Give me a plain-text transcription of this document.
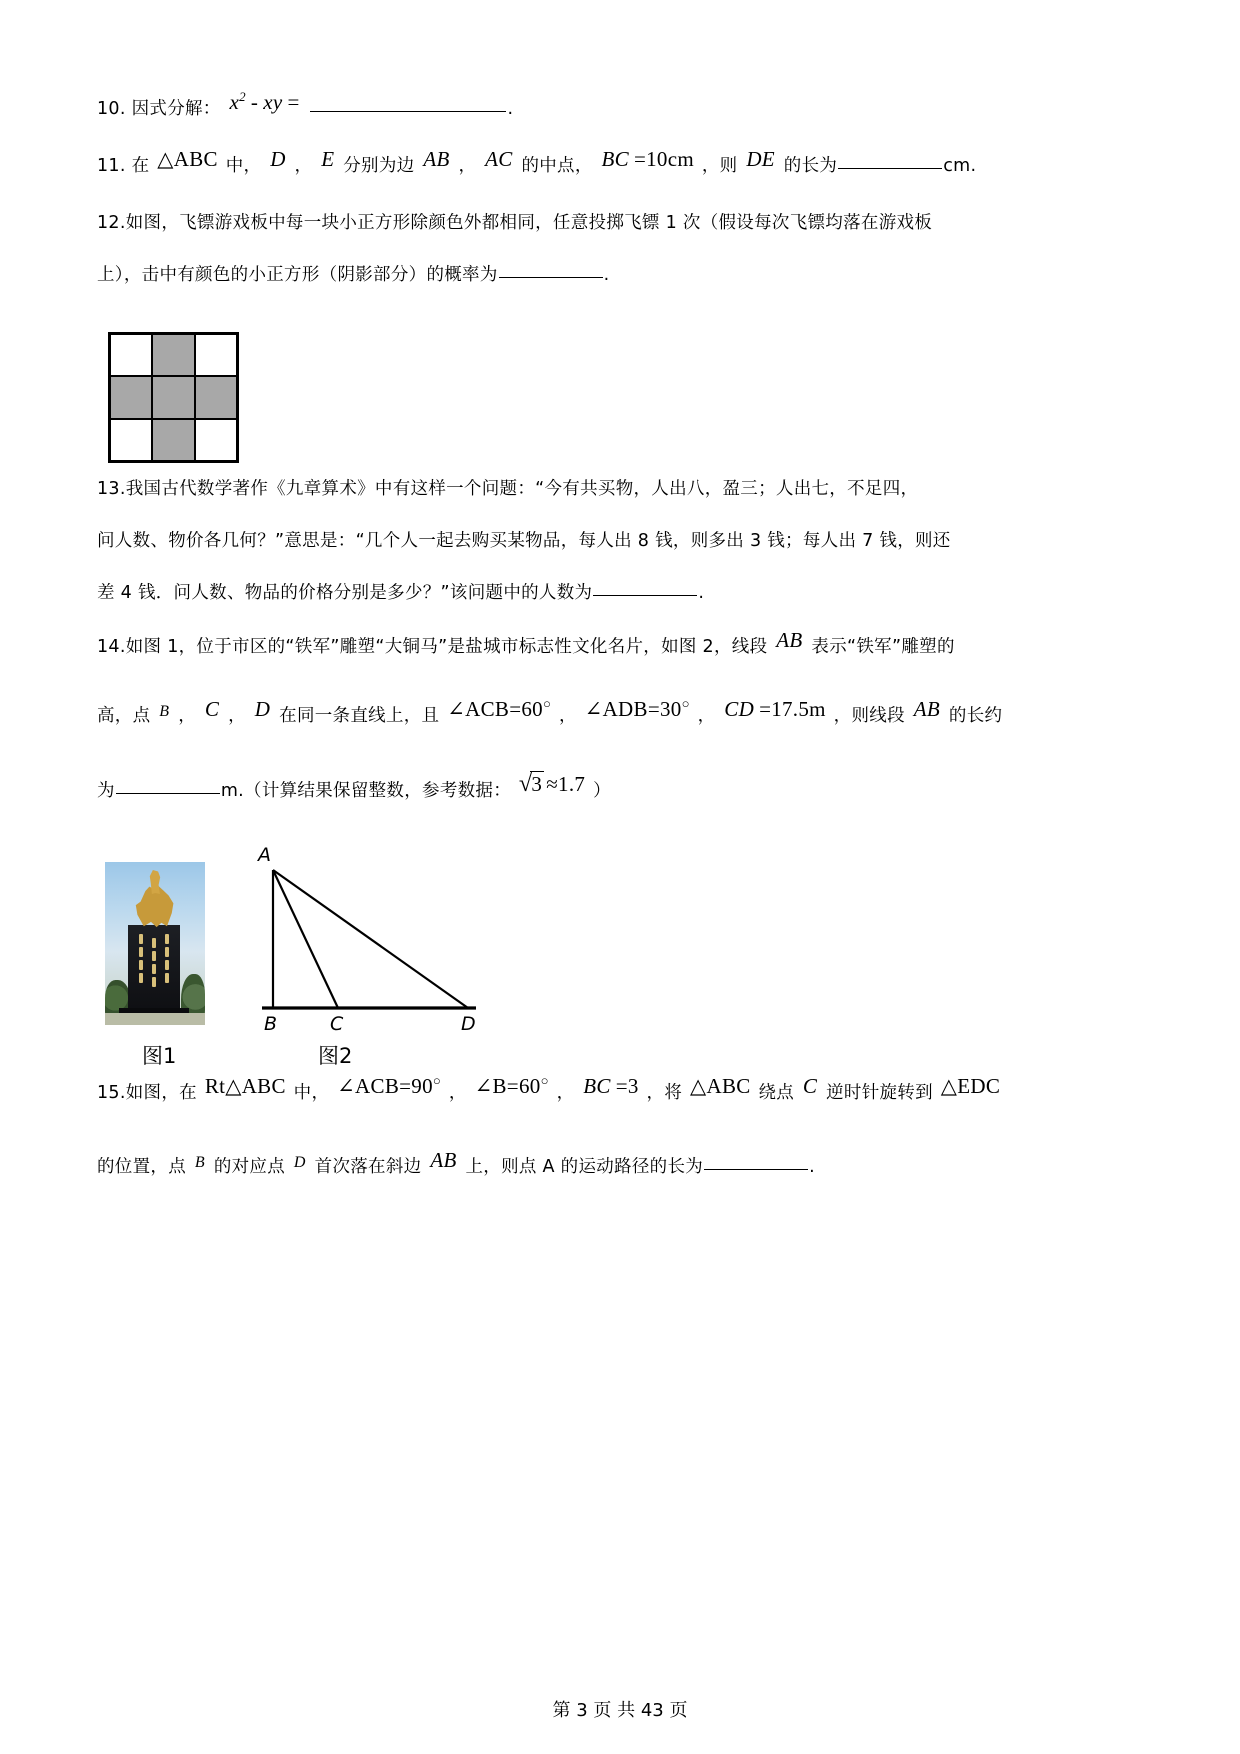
10. 因式分解： $x^2$ - xy =	.
11. 在 △ABC 中， D ， E 分别为边 AB ， AC 的中点， BC =10cm ，则 DE 的长为	cm.
12.如图，飞镖游戏板中每一块小正方形除颜色外都相同，任意投掷飞镖 1 次（假设每次飞镖均落在游戏板
上），击中有颜色的小正方形（阴影部分）的概率为	.
13.我国古代数学著作《九章算术》中有这样一个问题：“今有共买物，人出八，盈三；人出七，不足四，
问人数、物价各几何？”意思是：“几个人一起去购买某物品，每人出 8 钱，则多出 3 钱；每人出 7 钱，则还
差 4 钱．问人数、物品的价格分别是多少？”该问题中的人数为	.
14.如图 1，位于市区的“铁军”雕塑“大铜马”是盐城市标志性文化名片，如图 2，线段 AB 表示“铁军”雕塑的
高，点 B ， C ， D 在同一条直线上，且 ∠ACB=60○ ， ∠ADB=30○ ， CD =17.5m ，则线段 AB 的长约
为	m.（计算结果保留整数，参考数据： √3 ≈1.7 ）
15.如图，在 Rt△ABC 中， ∠ACB=90○ ， ∠B=60○ ， BC =3 ，将 △ABC 绕点 C 逆时针旋转到 △EDC
的位置，点 B 的对应点 D 首次落在斜边 AB 上，则点 A 的运动路径的长为	.
A
B	C	D
图1	图2
第 3 页 共 43 页
